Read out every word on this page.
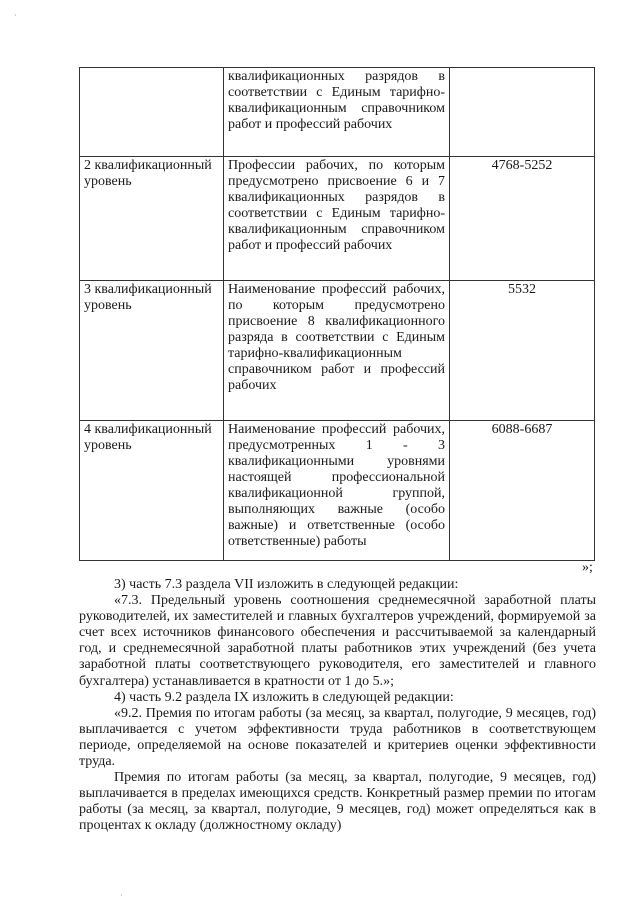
·
·
	квалификационных разрядов в соответствии с Единым тарифно-квалификационным справочником работ и профессий рабочих	
2 квалификационный уровень	Профессии рабочих, по которым предусмотрено присвоение 6 и 7 квалификационных разрядов в соответствии с Единым тарифно-квалификационным справочником работ и профессий рабочих	4768-5252
3 квалификационный уровень	Наименование профессий рабочих, по которым предусмотрено присвоение 8 квалификационного разряда в соответствии с Единым тарифно-квалификационным справочником работ и профессий рабочих	5532
4 квалификационный уровень	Наименование профессий рабочих, предусмотренных 1 - 3 квалификационными уровнями настоящей профессиональной квалификационной группой, выполняющих важные (особо важные) и ответственные (особо ответственные) работы	6088-6687
»;

3) часть 7.3 раздела VII изложить в следующей редакции:

«7.3. Предельный уровень соотношения среднемесячной заработной платы руководителей, их заместителей и главных бухгалтеров учреждений, формируемой за счет всех источников финансового обеспечения и рассчитываемой за календарный год, и среднемесячной заработной платы работников этих учреждений (без учета заработной платы соответствующего руководителя, его заместителей и главного бухгалтера) устанавливается в кратности от 1 до 5.»;

4) часть 9.2 раздела IX изложить в следующей редакции:

«9.2. Премия по итогам работы (за месяц, за квартал, полугодие, 9 месяцев, год) выплачивается с учетом эффективности труда работников в соответствующем периоде, определяемой на основе показателей и критериев оценки эффективности труда.

Премия по итогам работы (за месяц, за квартал, полугодие, 9 месяцев, год) выплачивается в пределах имеющихся средств. Конкретный размер премии по итогам работы (за месяц, за квартал, полугодие, 9 месяцев, год) может определяться как в процентах к окладу (должностному окладу)
